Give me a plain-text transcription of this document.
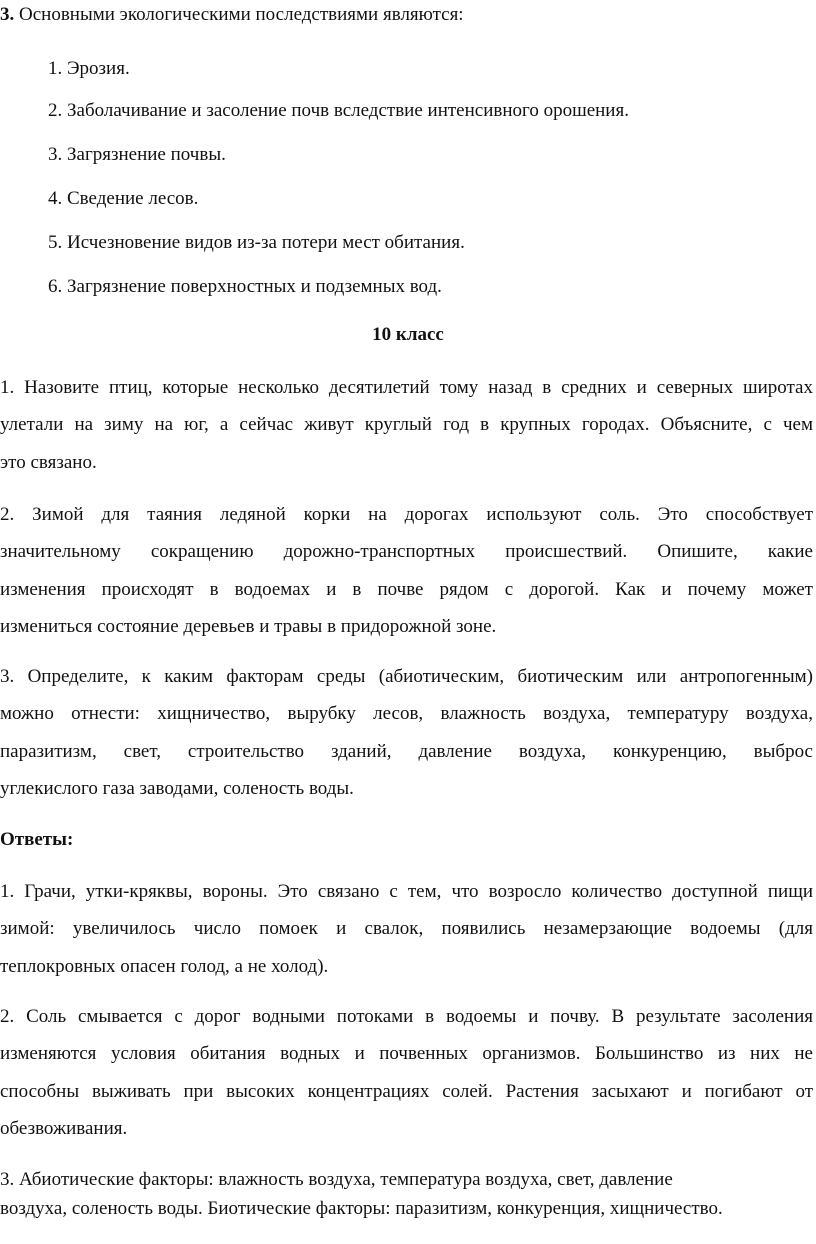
3. Основными экологическими последствиями являются:
1. Эрозия.
2. Заболачивание и засоление почв вследствие интенсивного орошения.
3. Загрязнение почвы.
4. Сведение лесов.
5. Исчезновение видов из-за потери мест обитания.
6. Загрязнение поверхностных и подземных вод.
10 класс
1. Назовите птиц, которые несколько десятилетий тому назад в средних и северных широтах
улетали на зиму на юг, а сейчас живут круглый год в крупных городах. Объясните, с чем
это связано.
2. Зимой для таяния ледяной корки на дорогах используют соль. Это способствует
значительному сокращению дорожно-транспортных происшествий. Опишите, какие
изменения происходят в водоемах и в почве рядом с дорогой. Как и почему может
измениться состояние деревьев и травы в придорожной зоне.
3. Определите, к каким факторам среды (абиотическим, биотическим или антропогенным)
можно отнести: хищничество, вырубку лесов, влажность воздуха, температуру воздуха,
паразитизм, свет, строительство зданий, давление воздуха, конкуренцию, выброс
углекислого газа заводами, соленость воды.
Ответы:
1. Грачи, утки-кряквы, вороны. Это связано с тем, что возросло количество доступной пищи
зимой: увеличилось число помоек и свалок, появились незамерзающие водоемы (для
теплокровных опасен голод, а не холод).
2. Соль смывается с дорог водными потоками в водоемы и почву. В результате засоления
изменяются условия обитания водных и почвенных организмов. Большинство из них не
способны выживать при высоких концентрациях солей. Растения засыхают и погибают от
обезвоживания.
3. Абиотические факторы: влажность воздуха, температура воздуха, свет, давление
воздуха, соленость воды. Биотические факторы: паразитизм, конкуренция, хищничество.
